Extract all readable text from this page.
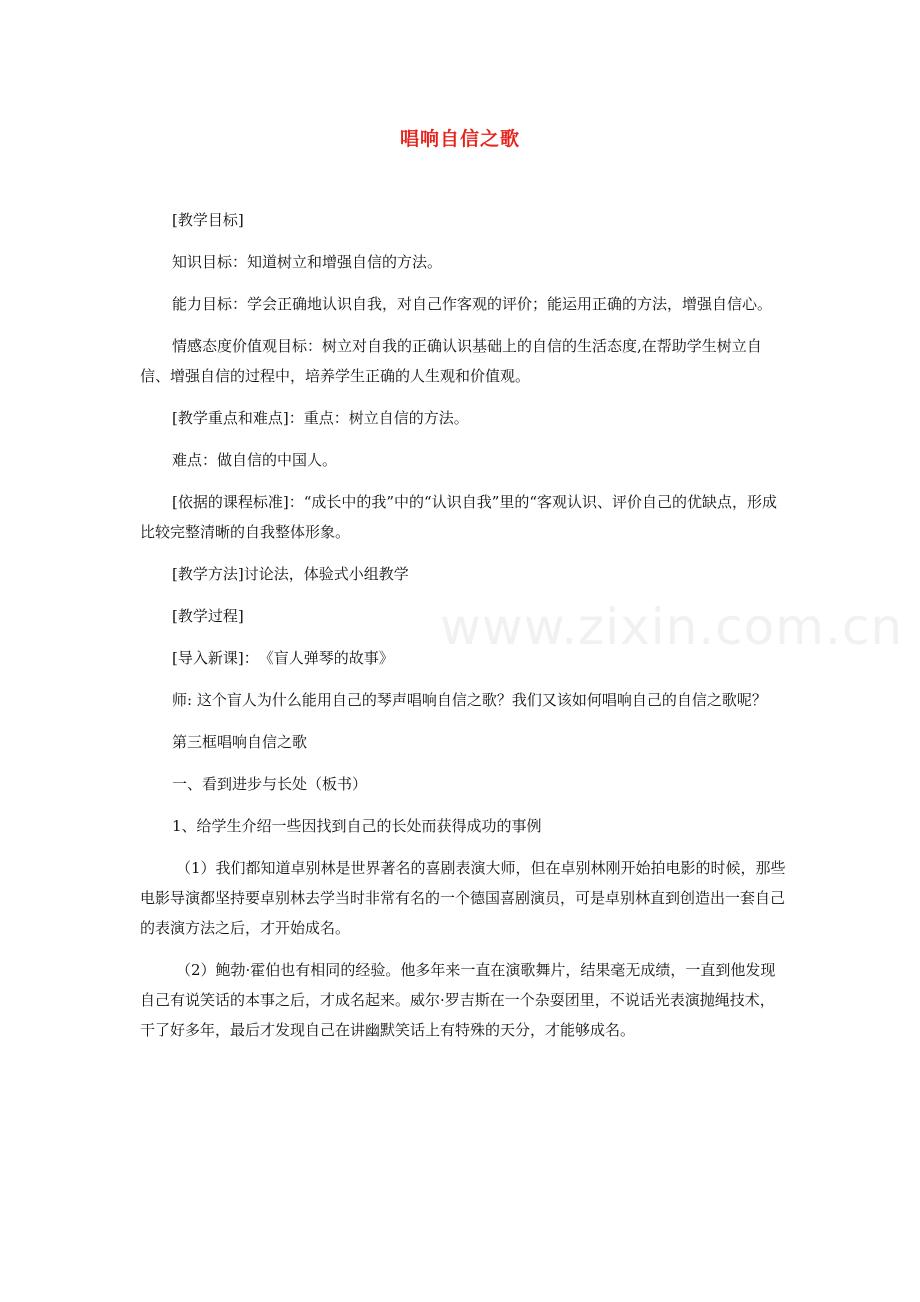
唱响自信之歌

[教学目标]

知识目标：知道树立和增强自信的方法。

能力目标：学会正确地认识自我，对自己作客观的评价；能运用正确的方法，增强自信心。

情感态度价值观目标：树立对自我的正确认识基础上的自信的生活态度,在帮助学生树立自信、增强自信的过程中，培养学生正确的人生观和价值观。

[教学重点和难点]：重点：树立自信的方法。

难点：做自信的中国人。

[依据的课程标准]：“成长中的我”中的“认识自我”里的“客观认识、评价自己的优缺点，形成比较完整清晰的自我整体形象。

[教学方法]讨论法，体验式小组教学

[教学过程]

[导入新课]：　《盲人弹琴的故事》

师: 这个盲人为什么能用自己的琴声唱响自信之歌？我们又该如何唱响自己的自信之歌呢？

第三框唱响自信之歌

一、看到进步与长处（板书）

1、给学生介绍一些因找到自己的长处而获得成功的事例

（1）我们都知道卓别林是世界著名的喜剧表演大师，但在卓别林刚开始拍电影的时候，那些电影导演都坚持要卓别林去学当时非常有名的一个德国喜剧演员，可是卓别林直到创造出一套自己的表演方法之后，才开始成名。

（2）鲍勃·霍伯也有相同的经验。他多年来一直在演歌舞片，结果毫无成绩，一直到他发现自己有说笑话的本事之后，才成名起来。威尔·罗吉斯在一个杂耍团里，不说话光表演抛绳技术，干了好多年，最后才发现自己在讲幽默笑话上有特殊的天分，才能够成名。

www.zixin.com.cn
